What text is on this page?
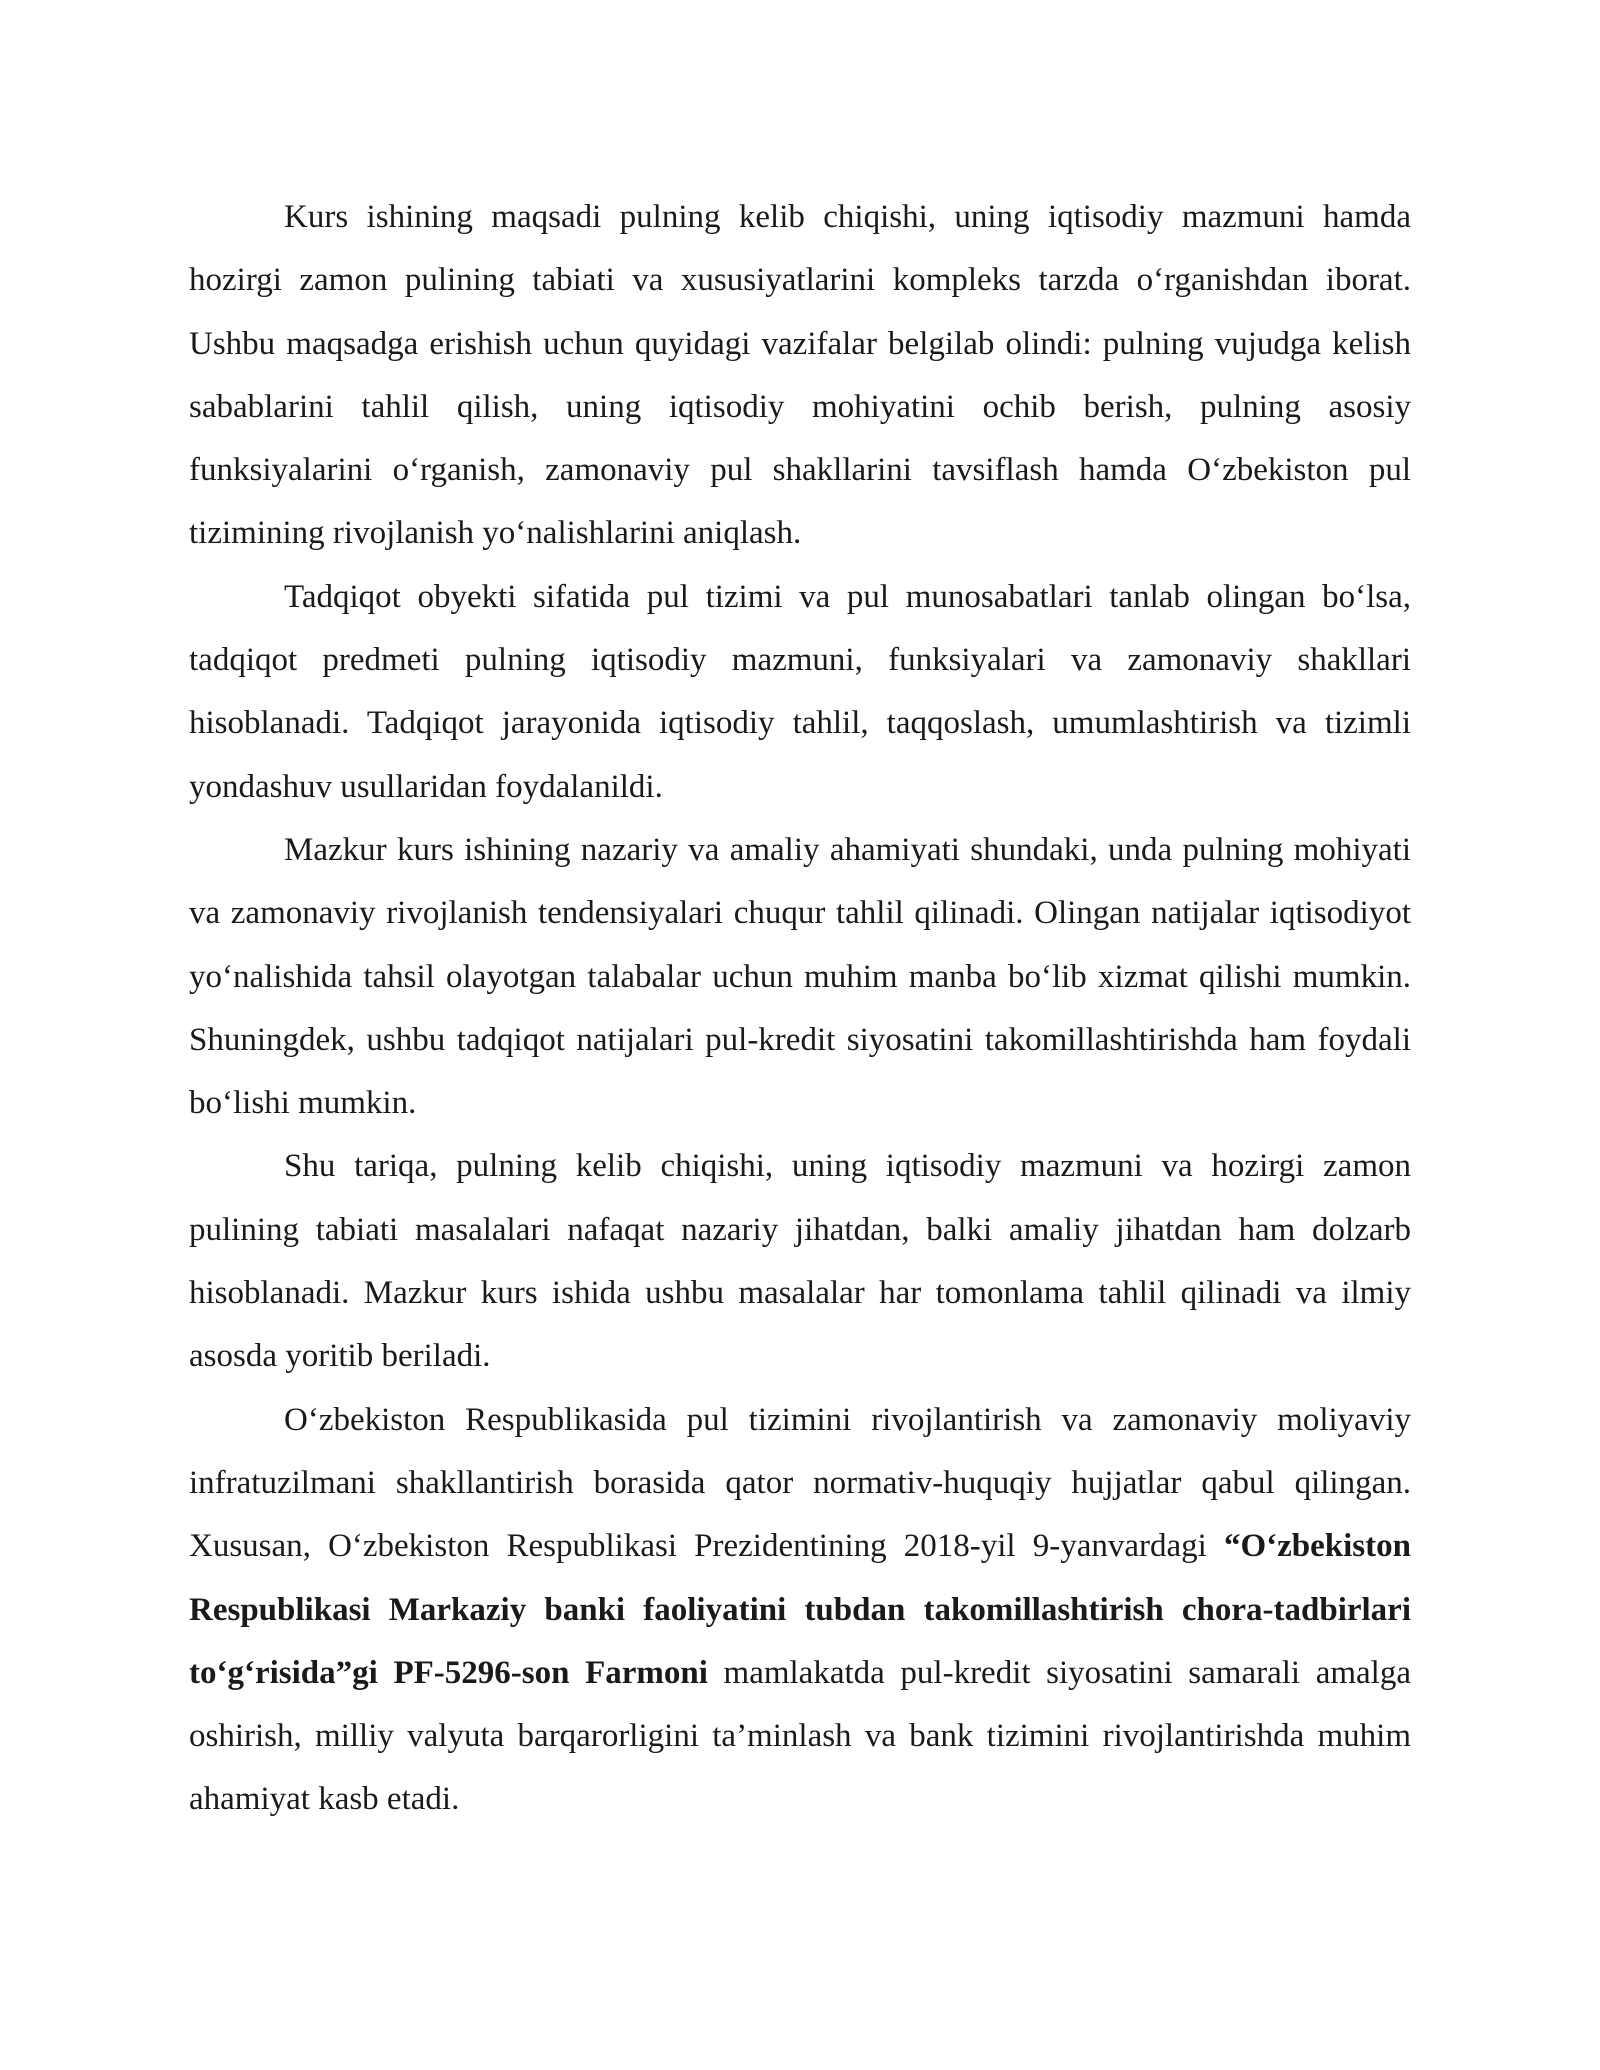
Kurs ishining maqsadi pulning kelib chiqishi, uning iqtisodiy mazmuni hamda hozirgi zamon pulining tabiati va xususiyatlarini kompleks tarzda o‘rganishdan iborat. Ushbu maqsadga erishish uchun quyidagi vazifalar belgilab olindi: pulning vujudga kelish sabablarini tahlil qilish, uning iqtisodiy mohiyatini ochib berish, pulning asosiy funksiyalarini o‘rganish, zamonaviy pul shakllarini tavsiflash hamda O‘zbekiston pul tizimining rivojlanish yo‘nalishlarini aniqlash.

Tadqiqot obyekti sifatida pul tizimi va pul munosabatlari tanlab olingan bo‘lsa, tadqiqot predmeti pulning iqtisodiy mazmuni, funksiyalari va zamonaviy shakllari hisoblanadi. Tadqiqot jarayonida iqtisodiy tahlil, taqqoslash, umumlashtirish va tizimli yondashuv usullaridan foydalanildi.

Mazkur kurs ishining nazariy va amaliy ahamiyati shundaki, unda pulning mohiyati va zamonaviy rivojlanish tendensiyalari chuqur tahlil qilinadi. Olingan natijalar iqtisodiyot yo‘nalishida tahsil olayotgan talabalar uchun muhim manba bo‘lib xizmat qilishi mumkin. Shuningdek, ushbu tadqiqot natijalari pul-kredit siyosatini takomillashtirishda ham foydali bo‘lishi mumkin.

Shu tariqa, pulning kelib chiqishi, uning iqtisodiy mazmuni va hozirgi zamon pulining tabiati masalalari nafaqat nazariy jihatdan, balki amaliy jihatdan ham dolzarb hisoblanadi. Mazkur kurs ishida ushbu masalalar har tomonlama tahlil qilinadi va ilmiy asosda yoritib beriladi.

O‘zbekiston Respublikasida pul tizimini rivojlantirish va zamonaviy moliyaviy infratuzilmani shakllantirish borasida qator normativ-huquqiy hujjatlar qabul qilingan. Xususan, O‘zbekiston Respublikasi Prezidentining 2018-yil 9-yanvardagi “O‘zbekiston Respublikasi Markaziy banki faoliyatini tubdan takomillashtirish chora-tadbirlari to‘g‘risida”gi PF-5296-son Farmoni mamlakatda pul-kredit siyosatini samarali amalga oshirish, milliy valyuta barqarorligini ta’minlash va bank tizimini rivojlantirishda muhim ahamiyat kasb etadi.
